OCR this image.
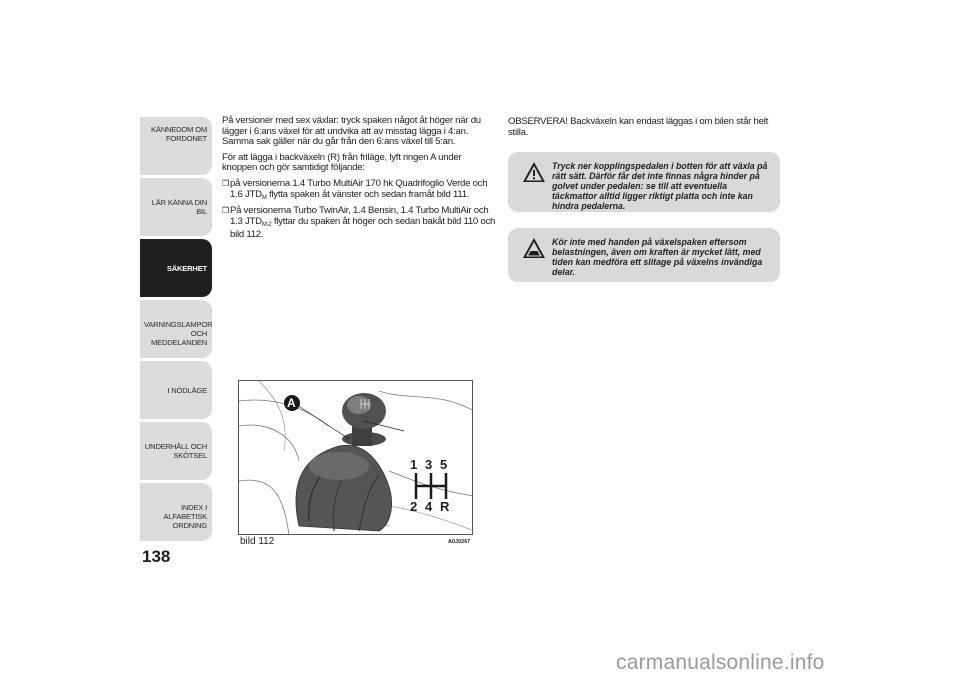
KÄNNEDOM OM
FORDONET
LÄR KÄNNA DIN BIL
SÄKERHET
VARNINGSLAMPOR
OCH MEDDELANDEN
I NÖDLÄGE
UNDERHÅLL OCH
SKÖTSEL
INDEX I ALFABETISK
ORDNING
138

På versioner med sex växlar: tryck spaken något åt höger när du lägger i 6:ans växel för att undvika att av misstag lägga i 4:an. Samma sak gäller när du går från den 6:ans växel till 5:an.

För att lägga i backväxeln (R) från friläge, lyft ringen A under knoppen och gör samtidigt följande:

❒ på versionerna 1.4 Turbo MultiAir 170 hk Quadrifoglio Verde och 1.6 $JTD_M$ flytta spaken åt vänster och sedan framåt bild 111.
❒ På versionerna Turbo TwinAir, 1.4 Bensin, 1.4 Turbo MultiAir och 1.3 $JTD_{M-2}$ flyttar du spaken åt höger och sedan bakåt bild 110 och bild 112.

OBSERVERA! Backväxeln kan endast läggas i om bilen står helt stilla.

Tryck ner kopplingspedalen i botten för att växla på rätt sätt. Därför får det inte finnas några hinder på golvet under pedalen: se till att eventuella täckmattor alltid ligger riktigt platta och inte kan hindra pedalerna.
Kör inte med handen på växelspaken eftersom belastningen, även om kraften är mycket lätt, med tiden kan medföra ett slitage på växelns invändiga delar.
A
1 3 5
2 4 R
bild 112	A0J0267
carmanualsonline.info
